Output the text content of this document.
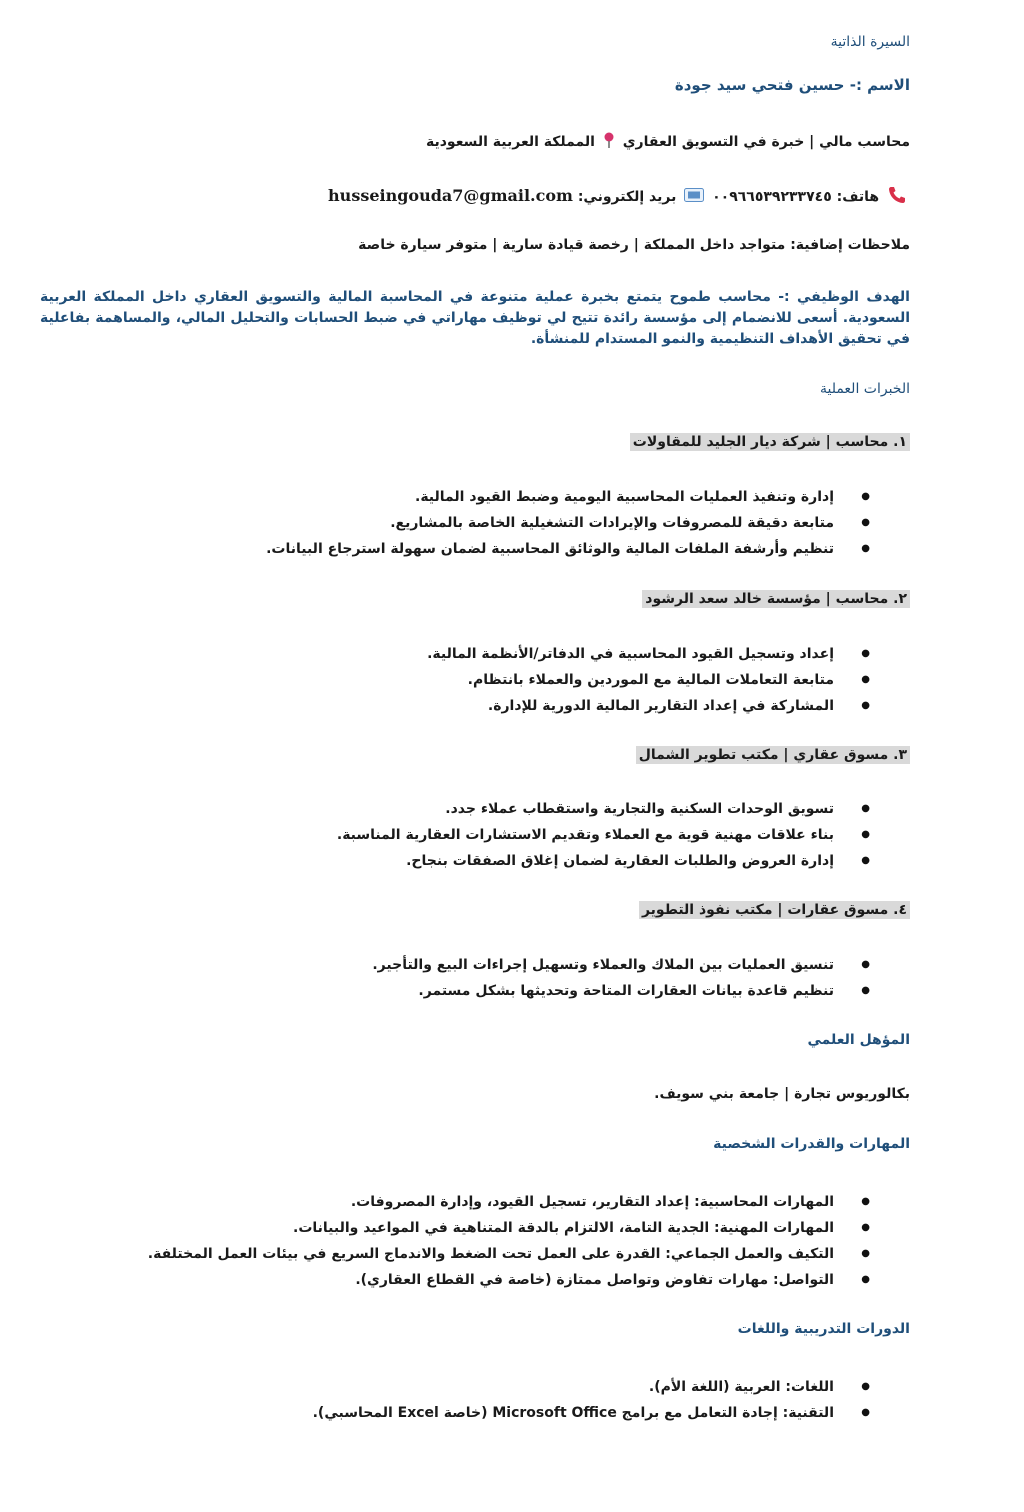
السيرة الذاتية
الاسم :- حسين فتحي سيد جودة
محاسب مالي | خبرة في التسويق العقاري  المملكة العربية السعودية
هاتف: ٠٠٩٦٦٥٣٩٢٣٣٧٤٥  بريد إلكتروني: husseingouda7@gmail.com
ملاحظات إضافية: متواجد داخل المملكة | رخصة قيادة سارية | متوفر سيارة خاصة
الهدف الوظيفي :- محاسب طموح يتمتع بخبرة عملية متنوعة في المحاسبة المالية والتسويق العقاري داخل المملكة العربية السعودية. أسعى للانضمام إلى مؤسسة رائدة تتيح لي توظيف مهاراتي في ضبط الحسابات والتحليل المالي، والمساهمة بفاعلية في تحقيق الأهداف التنظيمية والنمو المستدام للمنشأة.
الخبرات العملية
١. محاسب | شركة ديار الجليد للمقاولات
● إدارة وتنفيذ العمليات المحاسبية اليومية وضبط القيود المالية.
● متابعة دقيقة للمصروفات والإيرادات التشغيلية الخاصة بالمشاريع.
● تنظيم وأرشفة الملفات المالية والوثائق المحاسبية لضمان سهولة استرجاع البيانات.
٢. محاسب | مؤسسة خالد سعد الرشود
● إعداد وتسجيل القيود المحاسبية في الدفاتر/الأنظمة المالية.
● متابعة التعاملات المالية مع الموردين والعملاء بانتظام.
● المشاركة في إعداد التقارير المالية الدورية للإدارة.
٣. مسوق عقاري | مكتب تطوير الشمال
● تسويق الوحدات السكنية والتجارية واستقطاب عملاء جدد.
● بناء علاقات مهنية قوية مع العملاء وتقديم الاستشارات العقارية المناسبة.
● إدارة العروض والطلبات العقارية لضمان إغلاق الصفقات بنجاح.
٤. مسوق عقارات | مكتب نفوذ التطوير
● تنسيق العمليات بين الملاك والعملاء وتسهيل إجراءات البيع والتأجير.
● تنظيم قاعدة بيانات العقارات المتاحة وتحديثها بشكل مستمر.
المؤهل العلمي
بكالوريوس تجارة | جامعة بني سويف.
المهارات والقدرات الشخصية
● المهارات المحاسبية: إعداد التقارير، تسجيل القيود، وإدارة المصروفات.
● المهارات المهنية: الجدية التامة، الالتزام بالدقة المتناهية في المواعيد والبيانات.
● التكيف والعمل الجماعي: القدرة على العمل تحت الضغط والاندماج السريع في بيئات العمل المختلفة.
● التواصل: مهارات تفاوض وتواصل ممتازة (خاصة في القطاع العقاري).
الدورات التدريبية واللغات
● اللغات: العربية (اللغة الأم).
● التقنية: إجادة التعامل مع برامج Microsoft Office (خاصة Excel المحاسبي).
